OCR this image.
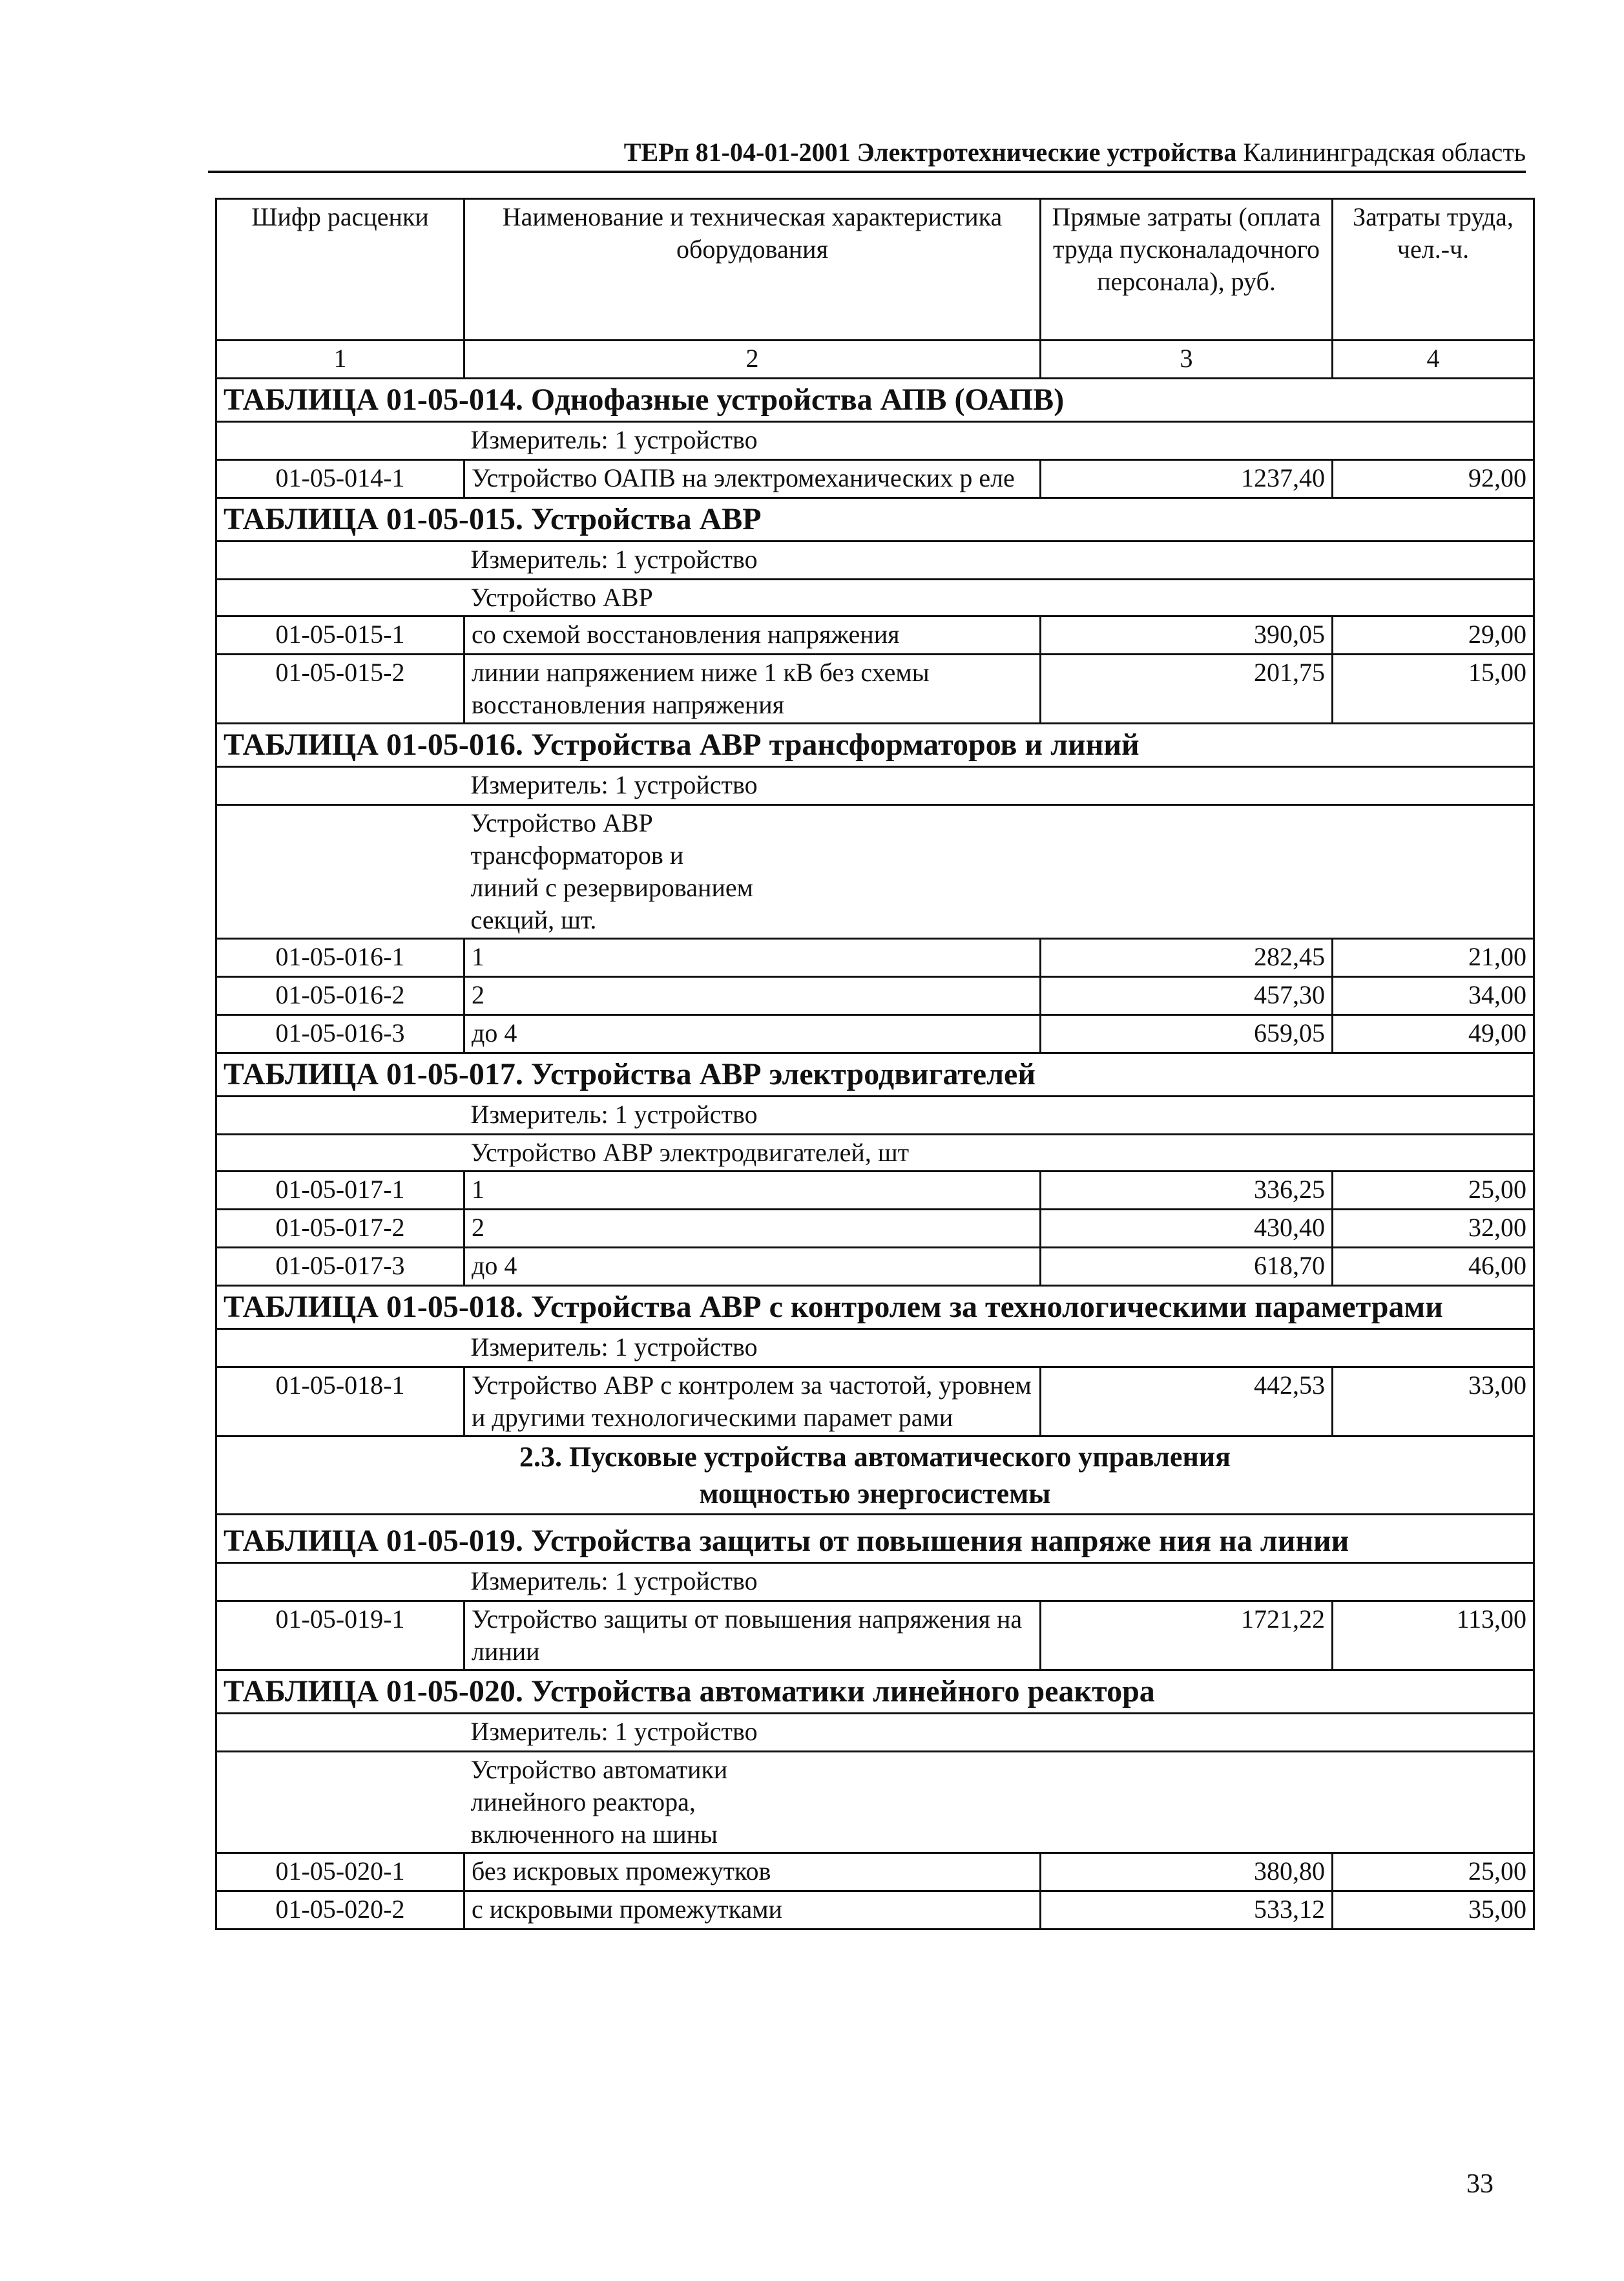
ТЕРп 81-04-01-2001 Электротехнические устройства Калининградская область
Шифр расценки	Наименование и техническая характеристика оборудования	Прямые затраты (оплата труда пусконаладочного персонала), руб.	Затраты труда, чел.-ч.
1	2	3	4
ТАБЛИЦА 01-05-014. Однофазные устройства АПВ (ОАПВ)			
	Измеритель: 1 устройство		
01-05-014-1	Устройство ОАПВ на электромеханических р еле	1237,40	92,00
ТАБЛИЦА 01-05-015. Устройства АВР			
	Измеритель: 1 устройство		
	Устройство АВР		
01-05-015-1	со схемой восстановления напряжения	390,05	29,00
01-05-015-2	линии напряжением ниже 1 кВ без схемы восстановления напряжения	201,75	15,00
ТАБЛИЦА 01-05-016. Устройства АВР трансформаторов и линий			
	Измеритель: 1 устройство		
	Устройство АВР трансформаторов и линий с резервированием секций, шт.		
01-05-016-1	1	282,45	21,00
01-05-016-2	2	457,30	34,00
01-05-016-3	до 4	659,05	49,00
ТАБЛИЦА 01-05-017. Устройства АВР электродвигателей			
	Измеритель: 1 устройство		
	Устройство АВР электродвигателей, шт		
01-05-017-1	1	336,25	25,00
01-05-017-2	2	430,40	32,00
01-05-017-3	до 4	618,70	46,00
ТАБЛИЦА 01-05-018. Устройства АВР с контролем за технологическими параметрами			
	Измеритель: 1 устройство		
01-05-018-1	Устройство АВР с контролем за частотой, уровнем и другими технологическими парамет рами	442,53	33,00

2.3. Пусковые устройства автоматического управления
мощностью энергосистемы			

ТАБЛИЦА 01-05-019. Устройства защиты от повышения напряже ния на линии			
	Измеритель: 1 устройство		
01-05-019-1	Устройство защиты от повышения напряжения на линии	1721,22	113,00
ТАБЛИЦА 01-05-020. Устройства автоматики линейного реактора			
	Измеритель: 1 устройство		
	Устройство автоматики линейного реактора, включенного на шины		
01-05-020-1	без искровых промежутков	380,80	25,00
01-05-020-2	с искровыми промежутками	533,12	35,00
33
